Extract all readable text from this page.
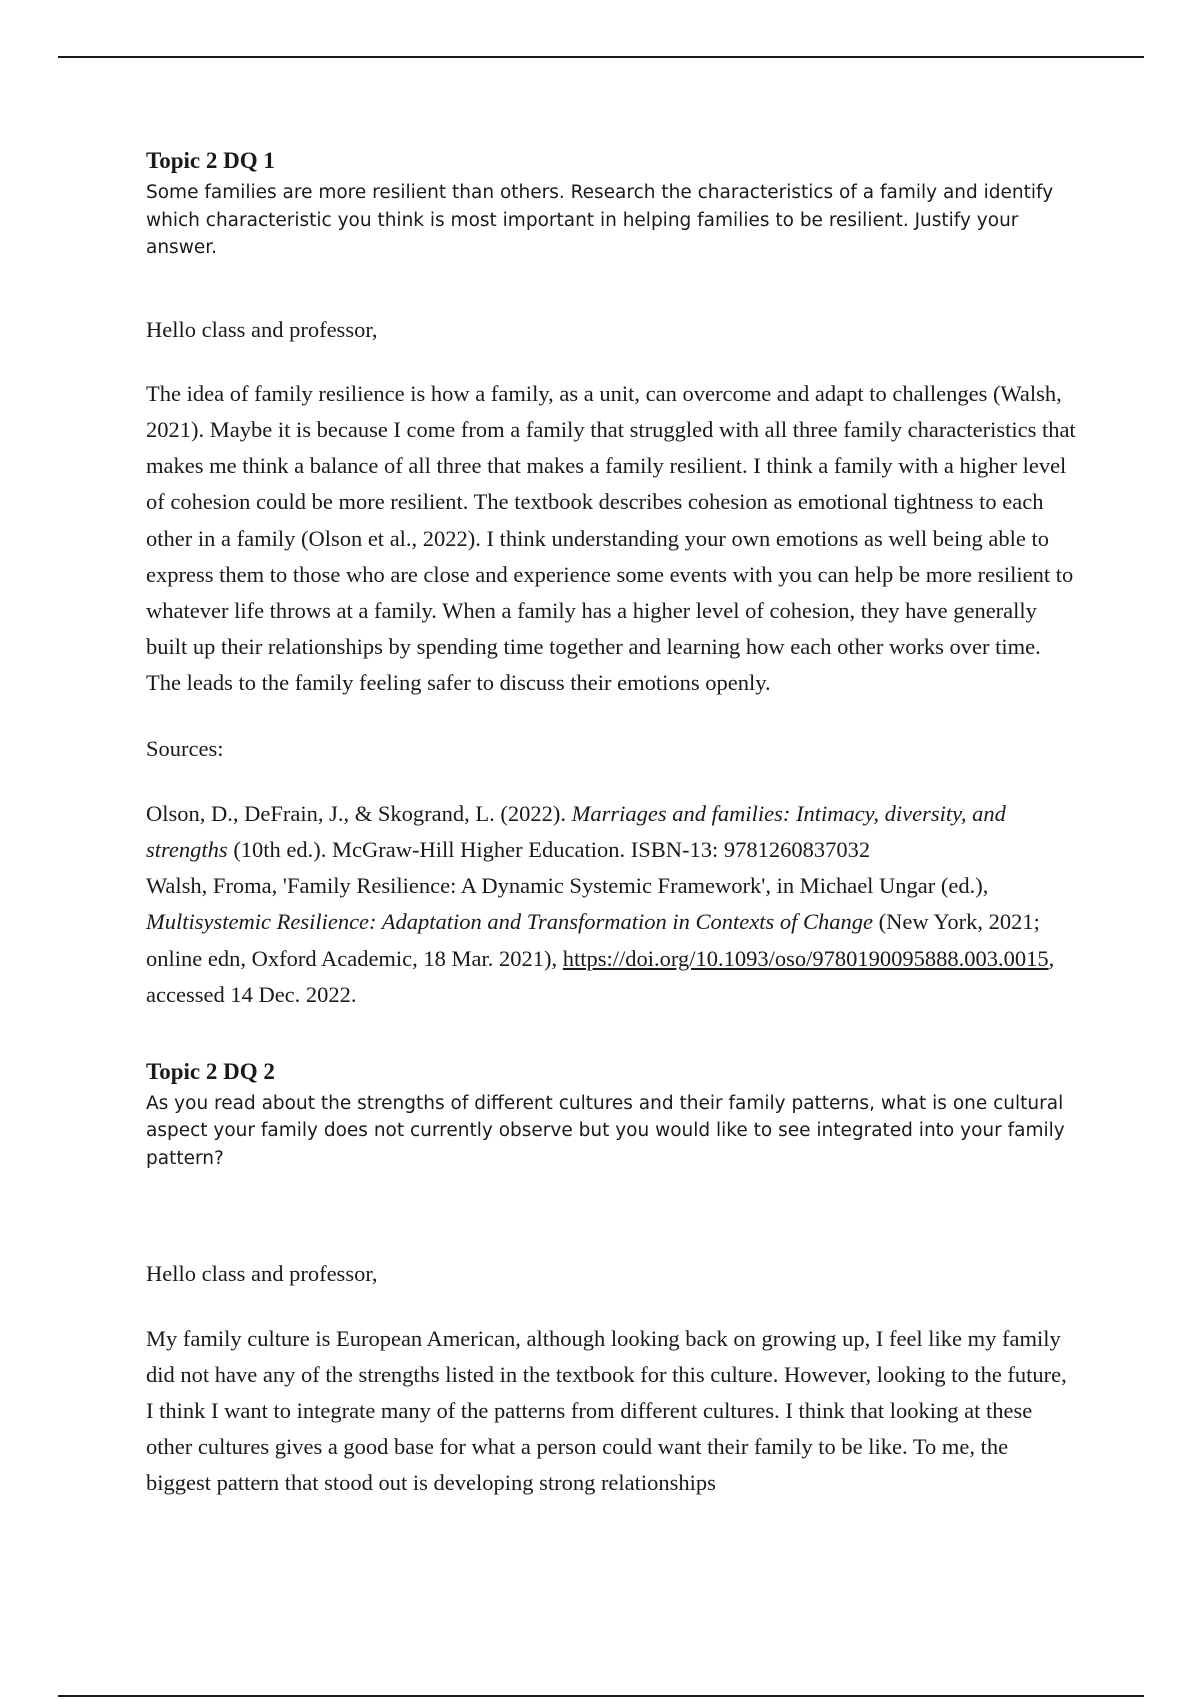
Topic 2 DQ 1

Some families are more resilient than others. Research the characteristics of a family and identify which characteristic you think is most important in helping families to be resilient. Justify your answer.

Hello class and professor,

The idea of family resilience is how a family, as a unit, can overcome and adapt to challenges (Walsh, 2021). Maybe it is because I come from a family that struggled with all three family characteristics that makes me think a balance of all three that makes a family resilient. I think a family with a higher level of cohesion could be more resilient. The textbook describes cohesion as emotional tightness to each other in a family (Olson et al., 2022). I think understanding your own emotions as well being able to express them to those who are close and experience some events with you can help be more resilient to whatever life throws at a family. When a family has a higher level of cohesion, they have generally built up their relationships by spending time together and learning how each other works over time. The leads to the family feeling safer to discuss their emotions openly.

Sources:

Olson, D., DeFrain, J., & Skogrand, L. (2022). Marriages and families: Intimacy, diversity, and strengths (10th ed.). McGraw-Hill Higher Education. ISBN-13: 9781260837032
Walsh, Froma, 'Family Resilience: A Dynamic Systemic Framework', in Michael Ungar (ed.), Multisystemic Resilience: Adaptation and Transformation in Contexts of Change (New York, 2021; online edn, Oxford Academic, 18 Mar. 2021), https://doi.org/10.1093/oso/9780190095888.003.0015, accessed 14 Dec. 2022.
Topic 2 DQ 2

As you read about the strengths of different cultures and their family patterns, what is one cultural aspect your family does not currently observe but you would like to see integrated into your family pattern?

Hello class and professor,

My family culture is European American, although looking back on growing up, I feel like my family did not have any of the strengths listed in the textbook for this culture. However, looking to the future, I think I want to integrate many of the patterns from different cultures. I think that looking at these other cultures gives a good base for what a person could want their family to be like. To me, the biggest pattern that stood out is developing strong relationships
